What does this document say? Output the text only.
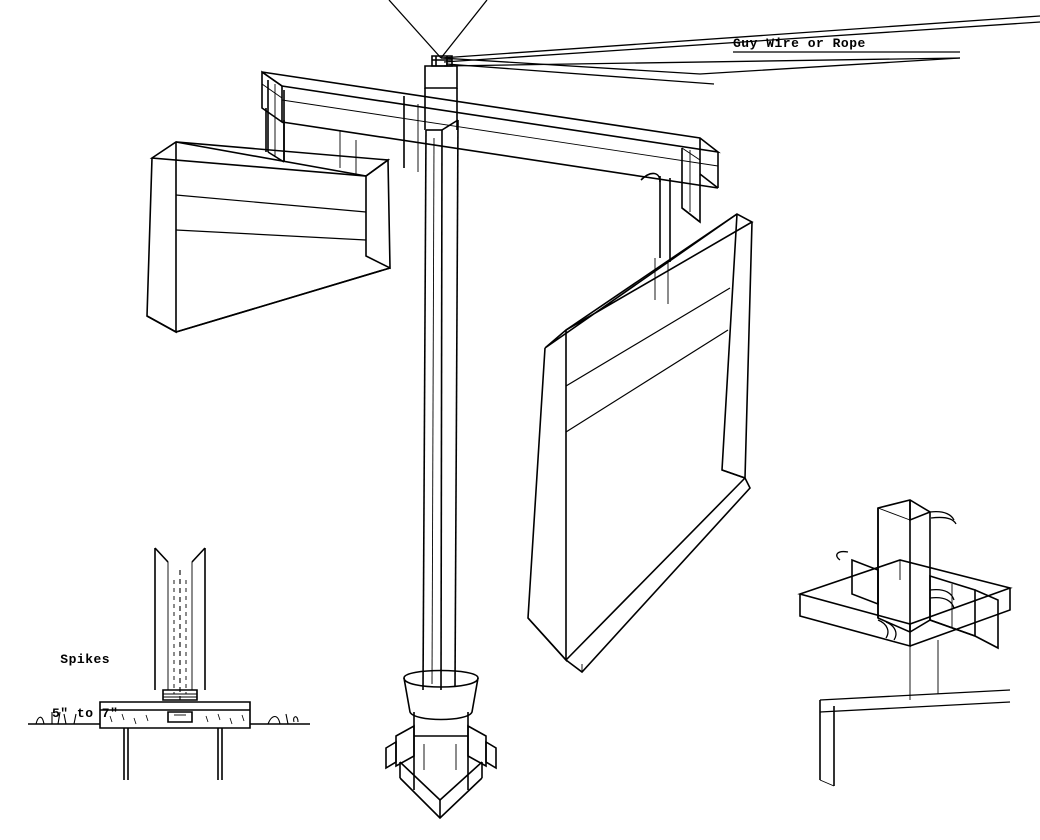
Guy Wire or Rope

Spikes

5" to 7"
